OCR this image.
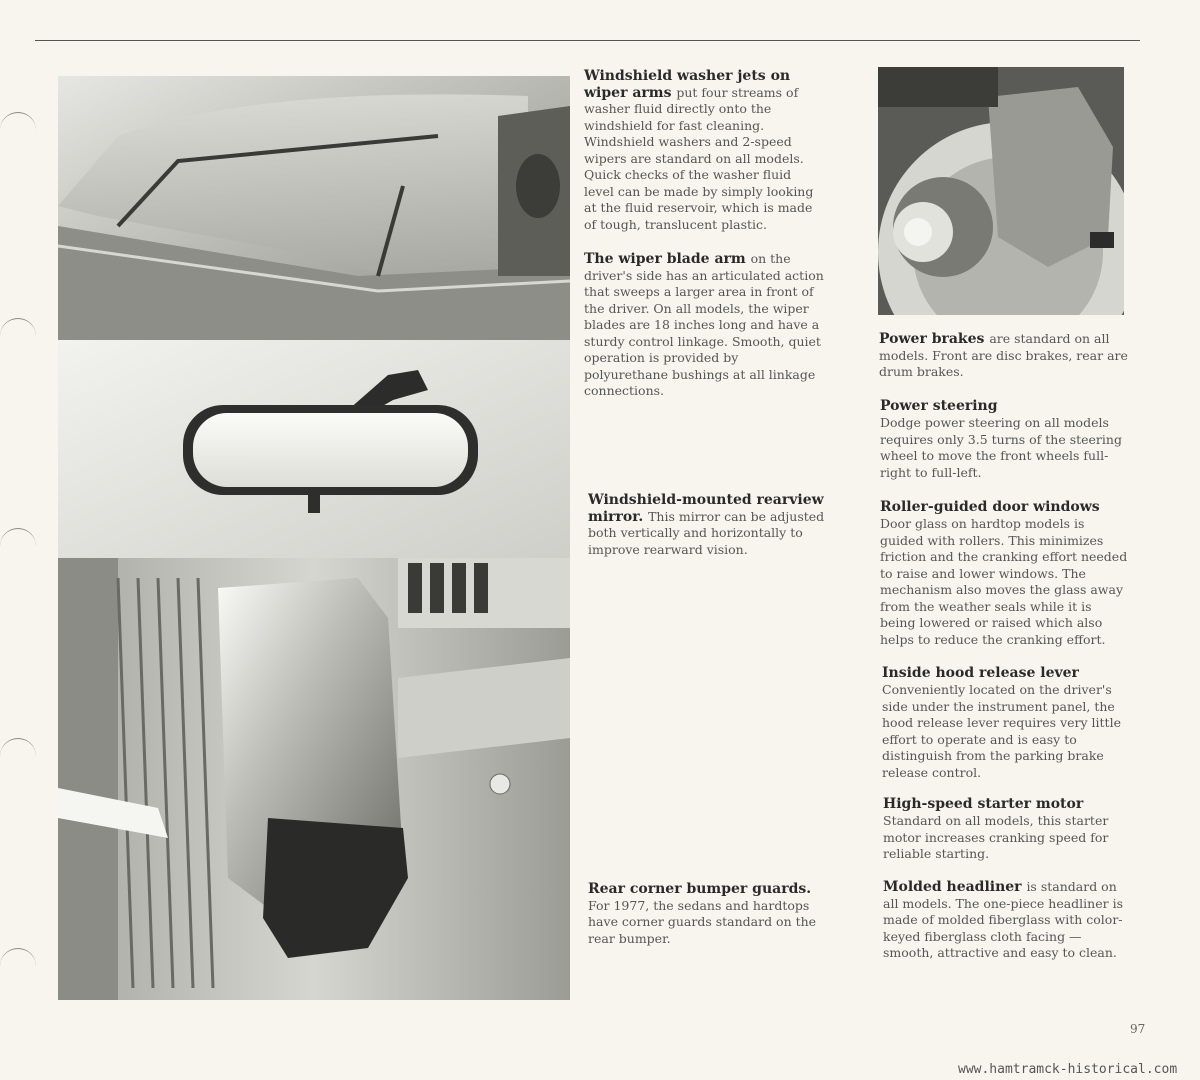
Windshield washer jets on wiper arms put four streams of washer fluid directly onto the windshield for fast cleaning. Windshield washers and 2-speed wipers are standard on all models. Quick checks of the washer fluid level can be made by simply looking at the fluid reservoir, which is made of tough, translucent plastic.
The wiper blade arm on the driver's side has an articulated action that sweeps a larger area in front of the driver. On all models, the wiper blades are 18 inches long and have a sturdy control linkage. Smooth, quiet operation is provided by polyurethane bushings at all linkage connections.
Windshield-mounted rearview mirror. This mirror can be adjusted both vertically and horizontally to improve rearward vision.
Rear corner bumper guards. For 1977, the sedans and hardtops have corner guards standard on the rear bumper.
Power brakes are standard on all models. Front are disc brakes, rear are drum brakes.
Power steering
Dodge power steering on all models requires only 3.5 turns of the steering wheel to move the front wheels full-right to full-left.
Roller-guided door windows
Door glass on hardtop models is guided with rollers. This minimizes friction and the cranking effort needed to raise and lower windows. The mechanism also moves the glass away from the weather seals while it is being lowered or raised which also helps to reduce the cranking effort.
Inside hood release lever
Conveniently located on the driver's side under the instrument panel, the hood release lever requires very little effort to operate and is easy to distinguish from the parking brake release control.
High-speed starter motor
Standard on all models, this starter motor increases cranking speed for reliable starting.
Molded headliner is standard on all models. The one-piece headliner is made of molded fiberglass with color-keyed fiberglass cloth facing — smooth, attractive and easy to clean.
97
www.hamtramck-historical.com
